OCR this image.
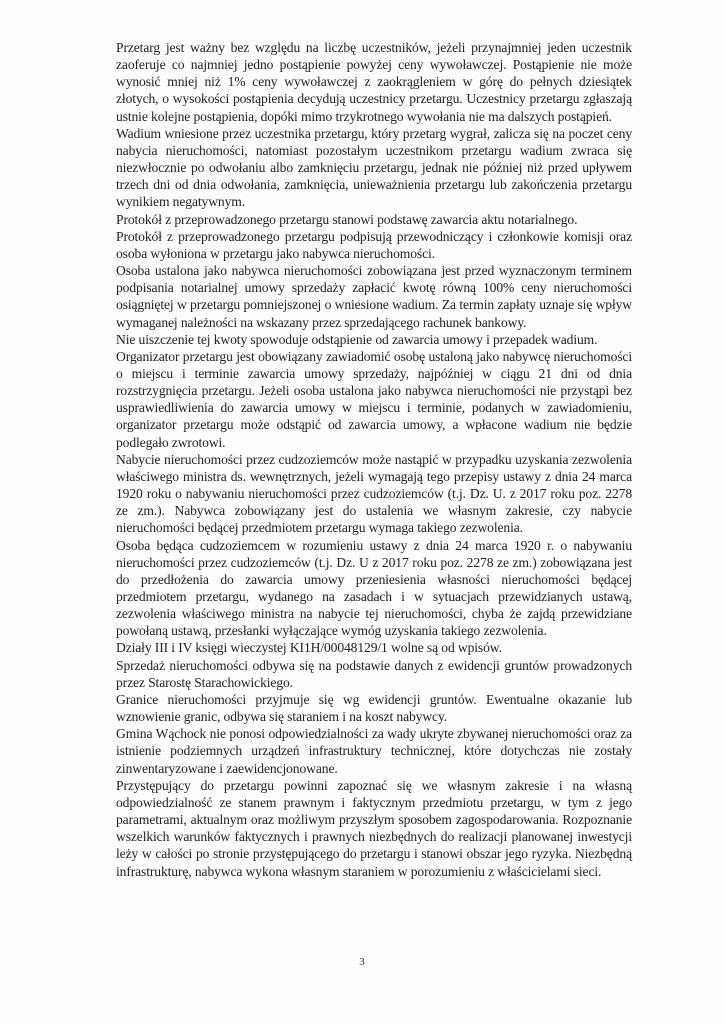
Przetarg jest ważny bez względu na liczbę uczestników, jeżeli przynajmniej jeden uczestnik zaoferuje co najmniej jedno postąpienie powyżej ceny wywoławczej. Postąpienie nie może wynosić mniej niż 1% ceny wywoławczej z zaokrągleniem w górę do pełnych dziesiątek złotych, o wysokości postąpienia decydują uczestnicy przetargu. Uczestnicy przetargu zgłaszają ustnie kolejne postąpienia, dopóki mimo trzykrotnego wywołania nie ma dalszych postąpień.

Wadium wniesione przez uczestnika przetargu, który przetarg wygrał, zalicza się na poczet ceny nabycia nieruchomości, natomiast pozostałym uczestnikom przetargu wadium zwraca się niezwłocznie po odwołaniu albo zamknięciu przetargu, jednak nie później niż przed upływem trzech dni od dnia odwołania, zamknięcia, unieważnienia przetargu lub zakończenia przetargu wynikiem negatywnym.

Protokół z przeprowadzonego przetargu stanowi podstawę zawarcia aktu notarialnego.

Protokół z przeprowadzonego przetargu podpisują przewodniczący i członkowie komisji oraz osoba wyłoniona w przetargu jako nabywca nieruchomości.

Osoba ustalona jako nabywca nieruchomości zobowiązana jest przed wyznaczonym terminem podpisania notarialnej umowy sprzedaży zapłacić kwotę równą 100% ceny nieruchomości osiągniętej w przetargu pomniejszonej o wniesione wadium. Za termin zapłaty uznaje się wpływ wymaganej należności na wskazany przez sprzedającego rachunek bankowy.

Nie uiszczenie tej kwoty spowoduje odstąpienie od zawarcia umowy i przepadek wadium.

Organizator przetargu jest obowiązany zawiadomić osobę ustaloną jako nabywcę nieruchomości o miejscu i terminie zawarcia umowy sprzedaży, najpóźniej w ciągu 21 dni od dnia rozstrzygnięcia przetargu. Jeżeli osoba ustalona jako nabywca nieruchomości nie przystąpi bez usprawiedliwienia do zawarcia umowy w miejscu i terminie, podanych w zawiadomieniu, organizator przetargu może odstąpić od zawarcia umowy, a wpłacone wadium nie będzie podlegało zwrotowi.

Nabycie nieruchomości przez cudzoziemców może nastąpić w przypadku uzyskania zezwolenia właściwego ministra ds. wewnętrznych, jeżeli wymagają tego przepisy ustawy z dnia 24 marca 1920 roku o nabywaniu nieruchomości przez cudzoziemców (t.j. Dz. U. z 2017 roku poz. 2278 ze zm.). Nabywca zobowiązany jest do ustalenia we własnym zakresie, czy nabycie nieruchomości będącej przedmiotem przetargu wymaga takiego zezwolenia.

Osoba będąca cudzoziemcem w rozumieniu ustawy z dnia 24 marca 1920 r. o nabywaniu nieruchomości przez cudzoziemców (t.j. Dz. U z 2017 roku poz. 2278 ze zm.) zobowiązana jest do przedłożenia do zawarcia umowy przeniesienia własności nieruchomości będącej przedmiotem przetargu, wydanego na zasadach i w sytuacjach przewidzianych ustawą, zezwolenia właściwego ministra na nabycie tej nieruchomości, chyba że zajdą przewidziane powołaną ustawą, przesłanki wyłączające wymóg uzyskania takiego zezwolenia.

Działy III i IV księgi wieczystej KI1H/00048129/1 wolne są od wpisów.

Sprzedaż nieruchomości odbywa się na podstawie danych z ewidencji gruntów prowadzonych przez Starostę Starachowickiego.

Granice nieruchomości przyjmuje się wg ewidencji gruntów. Ewentualne okazanie lub wznowienie granic, odbywa się staraniem i na koszt nabywcy.

Gmina Wąchock nie ponosi odpowiedzialności za wady ukryte zbywanej nieruchomości oraz za istnienie podziemnych urządzeń infrastruktury technicznej, które dotychczas nie zostały zinwentaryzowane i zaewidencjonowane.

Przystępujący do przetargu powinni zapoznać się we własnym zakresie i na własną odpowiedzialność ze stanem prawnym i faktycznym przedmiotu przetargu, w tym z jego parametrami, aktualnym oraz możliwym przyszłym sposobem zagospodarowania. Rozpoznanie wszelkich warunków faktycznych i prawnych niezbędnych do realizacji planowanej inwestycji leży w całości po stronie przystępującego do przetargu i stanowi obszar jego ryzyka. Niezbędną infrastrukturę, nabywca wykona własnym staraniem w porozumieniu z właścicielami sieci.

3
